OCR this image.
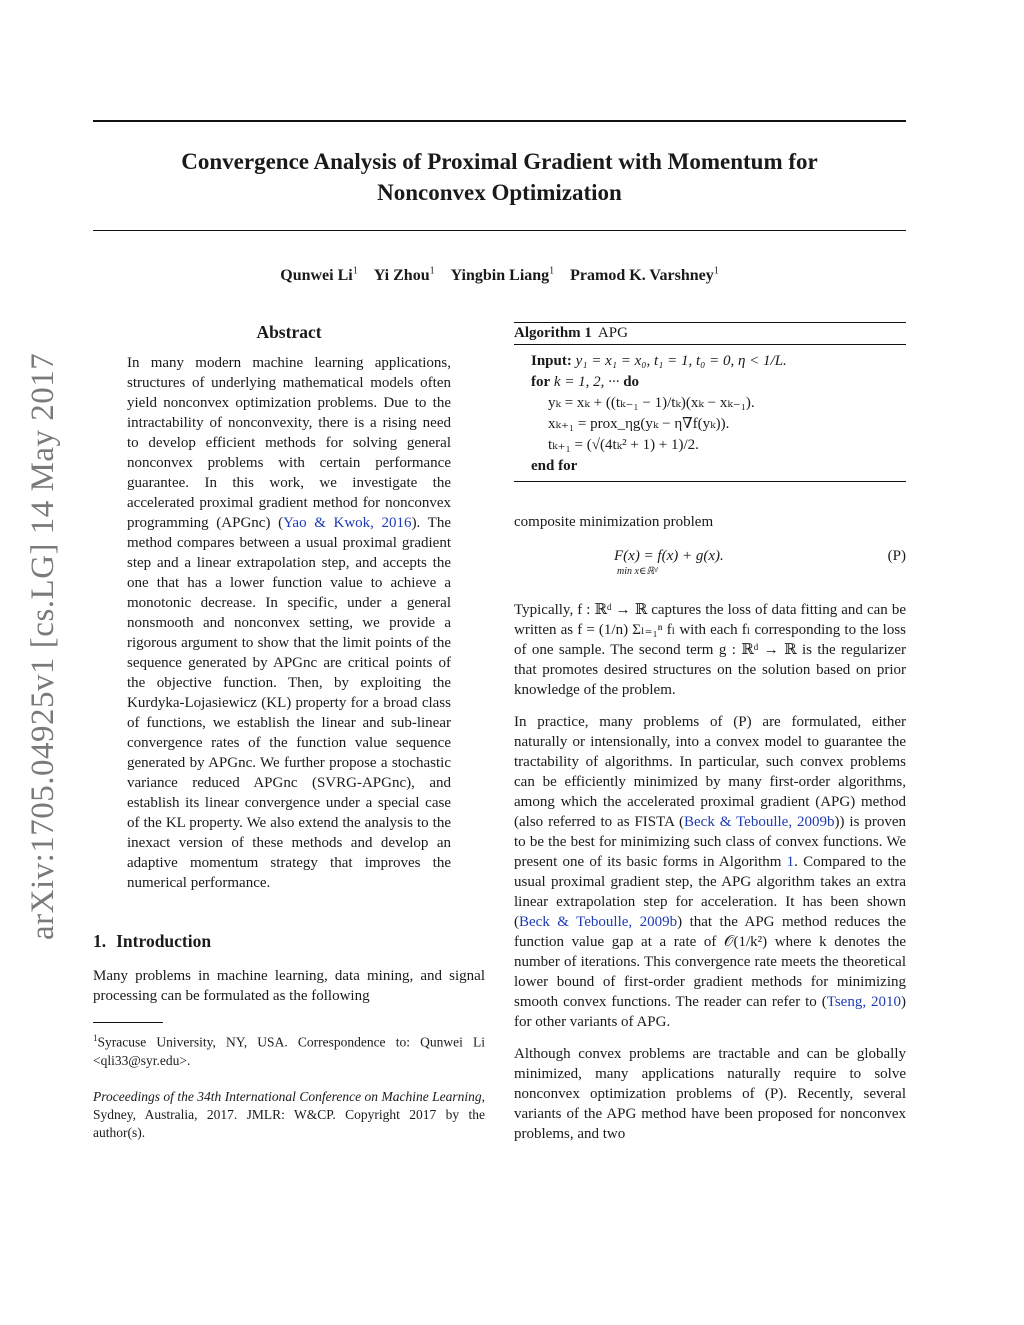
arXiv:1705.04925v1 [cs.LG] 14 May 2017
Convergence Analysis of Proximal Gradient with Momentum for
Nonconvex Optimization
Qunwei Li$^1$ Yi Zhou$^1$ Yingbin Liang$^1$ Pramod K. Varshney$^1$
Abstract

In many modern machine learning applications, structures of underlying mathematical models often yield nonconvex optimization problems. Due to the intractability of nonconvexity, there is a rising need to develop efficient methods for solving general nonconvex problems with certain performance guarantee. In this work, we investigate the accelerated proximal gradient method for nonconvex programming (APGnc) (Yao & Kwok, 2016). The method compares between a usual proximal gradient step and a linear extrapolation step, and accepts the one that has a lower function value to achieve a monotonic decrease. In specific, under a general nonsmooth and nonconvex setting, we provide a rigorous argument to show that the limit points of the sequence generated by APGnc are critical points of the objective function. Then, by exploiting the Kurdyka-Lojasiewicz (KL) property for a broad class of functions, we establish the linear and sub-linear convergence rates of the function value sequence generated by APGnc. We further propose a stochastic variance reduced APGnc (SVRG-APGnc), and establish its linear convergence under a special case of the KL property. We also extend the analysis to the inexact version of these methods and develop an adaptive momentum strategy that improves the numerical performance.

1. Introduction

Many problems in machine learning, data mining, and signal processing can be formulated as the following

$^1$Syracuse University, NY, USA. Correspondence to: Qunwei Li <qli33@syr.edu>.

Proceedings of the 34th International Conference on Machine Learning, Sydney, Australia, 2017. JMLR: W&CP. Copyright 2017 by the author(s).

Algorithm 1 APG
Input: y₁ = x₁ = x₀, t₁ = 1, t₀ = 0, η < 1/L.
for k = 1, 2, ··· do
yₖ = xₖ + ((tₖ₋₁ − 1)/tₖ)(xₖ − xₖ₋₁).
xₖ₊₁ = prox_ηg(yₖ − η∇f(yₖ)).
tₖ₊₁ = (√(4tₖ² + 1) + 1)/2.
end for

composite minimization problem

F(x) = f(x) + g(x).
min x∈ℝᵈ
(P)

Typically, f : ℝᵈ → ℝ captures the loss of data fitting and can be written as f = (1/n) Σₗ₌₁ⁿ fₗ with each fₗ corresponding to the loss of one sample. The second term g : ℝᵈ → ℝ is the regularizer that promotes desired structures on the solution based on prior knowledge of the problem.

In practice, many problems of (P) are formulated, either naturally or intensionally, into a convex model to guarantee the tractability of algorithms. In particular, such convex problems can be efficiently minimized by many first-order algorithms, among which the accelerated proximal gradient (APG) method (also referred to as FISTA (Beck & Teboulle, 2009b)) is proven to be the best for minimizing such class of convex functions. We present one of its basic forms in Algorithm 1. Compared to the usual proximal gradient step, the APG algorithm takes an extra linear extrapolation step for acceleration. It has been shown (Beck & Teboulle, 2009b) that the APG method reduces the function value gap at a rate of 𝒪(1/k²) where k denotes the number of iterations. This convergence rate meets the theoretical lower bound of first-order gradient methods for minimizing smooth convex functions. The reader can refer to (Tseng, 2010) for other variants of APG.

Although convex problems are tractable and can be globally minimized, many applications naturally require to solve nonconvex optimization problems of (P). Recently, several variants of the APG method have been proposed for nonconvex problems, and two
